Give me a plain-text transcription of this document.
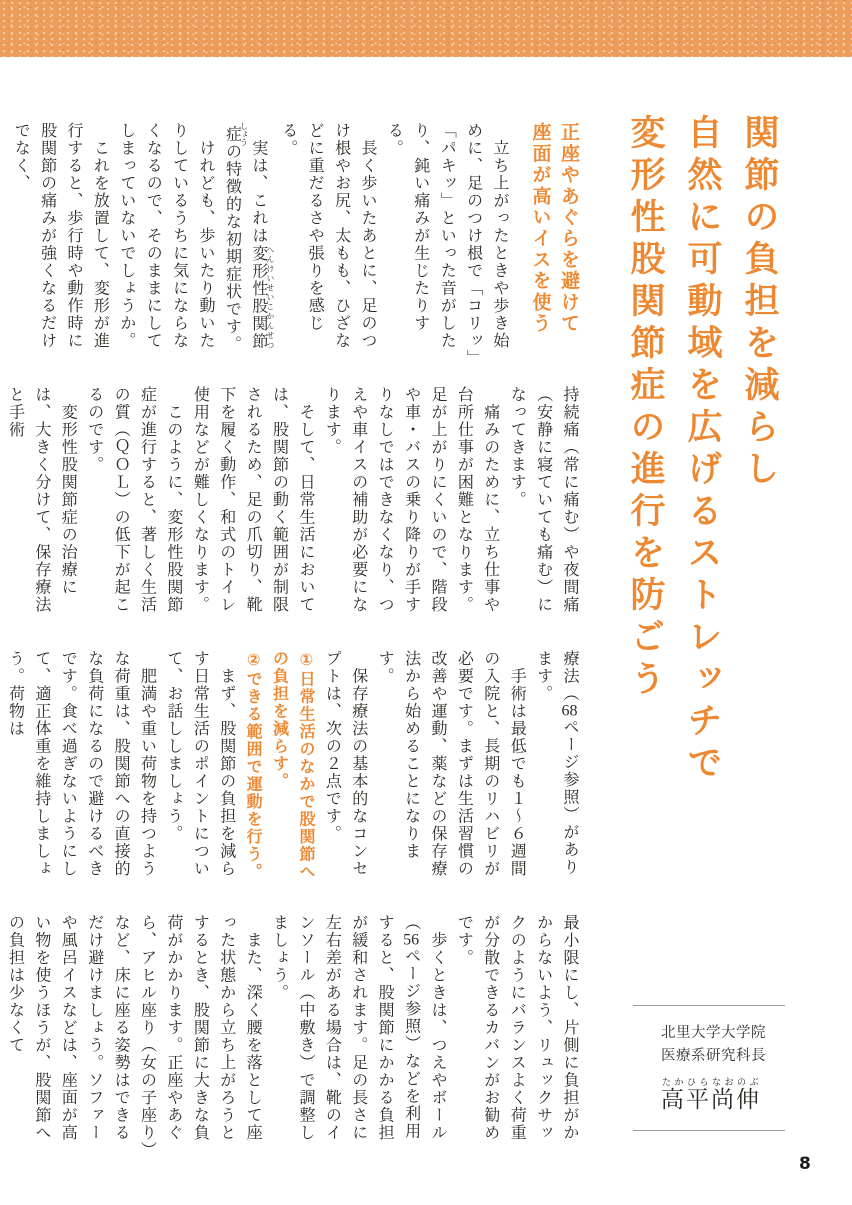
関節の負担を減らし
自然に可動域を広げるストレッチで
変形性股関節症の進行を防ごう
正座やあぐらを避けて
座面が高いイスを使う

　立ち上がったときや歩き始めに、足のつけ根で「コリッ」「パキッ」といった音がしたり、鈍い痛みが生じたりする。

　長く歩いたあとに、足のつけ根やお尻、太もも、ひざなどに重だるさや張りを感じる。

　実は、これは変形性股関節 へんけいせいこかんせつ症 しょうの特徴的な初期症状です。

　けれども、歩いたり動いたりしているうちに気にならなくなるので、そのままにしてしまっていないでしょうか。

　これを放置して、変形が進行すると、歩行時や動作時に股関節の痛みが強くなるだけでなく、

持続痛（常に痛む）や夜間痛（安静に寝ていても痛む）になってきます。

　痛みのために、立ち仕事や台所仕事が困難となります。足が上がりにくいので、階段や車・バスの乗り降りが手すりなしではできなくなり、つえや車イスの補助が必要になります。

　そして、日常生活においては、股関節の動く範囲が制限されるため、足の爪切り、靴下を履く動作、和式のトイレ使用などが難しくなります。

　このように、変形性股関節症が進行すると、著しく生活の質（ＱＯＬ）の低下が起こるのです。

　変形性股関節症の治療には、大きく分けて、保存療法と手術

療法（68ページ参照）があります。

　手術は最低でも１～６週間の入院と、長期のリハビリが必要です。まずは生活習慣の改善や運動、薬などの保存療法から始めることになります。

　保存療法の基本的なコンセプトは、次の２点です。

①日常生活のなかで股関節への負担を減らす。

②できる範囲で運動を行う。

　まず、股関節の負担を減らす日常生活のポイントについて、お話ししましょう。

　肥満や重い荷物を持つような荷重は、股関節への直接的な負荷になるので避けるべきです。食べ過ぎないようにして、適正体重を維持しましょう。荷物は

最小限にし、片側に負担がかからないよう、リュックサックのようにバランスよく荷重が分散できるカバンがお勧めです。

　歩くときは、つえやボール（56ページ参照）などを利用すると、股関節にかかる負担が緩和されます。足の長さに左右差がある場合は、靴のインソール（中敷き）で調整しましょう。

　また、深く腰を落として座った状態から立ち上がろうとするとき、股関節に大きな負荷がかかります。正座やあぐら、アヒル座り（女の子座り）など、床に座る姿勢はできるだけ避けましょう。ソファーや風呂イスなどは、座面が高い物を使うほうが、股関節への負担は少なくて	北里大学大学院
医療系研究科長

高平尚伸たかひらなおのぶ

8
